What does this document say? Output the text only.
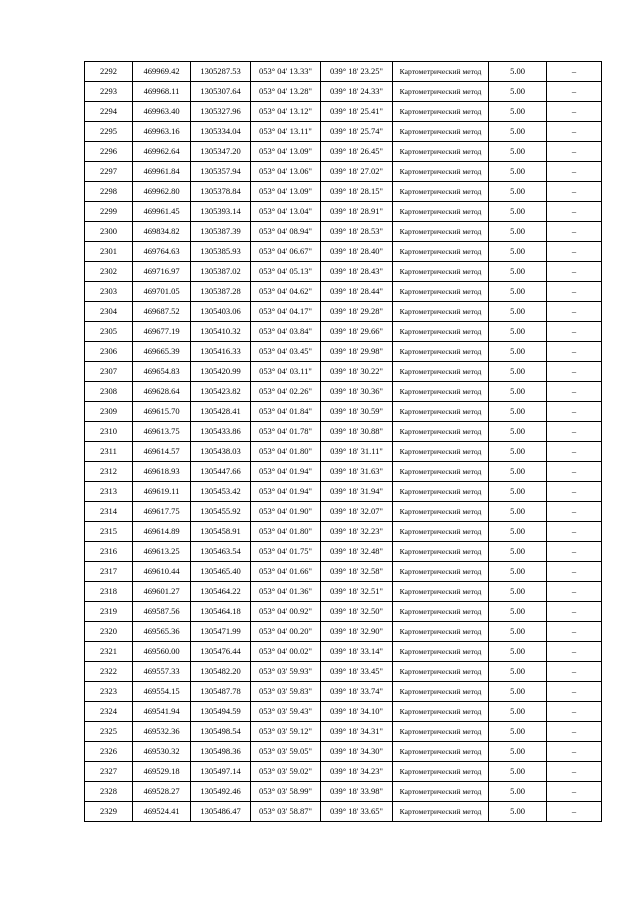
2292	469969.42	1305287.53	053° 04' 13.33"	039° 18' 23.25"	Картометрический метод	5.00	–
2293	469968.11	1305307.64	053° 04' 13.28"	039° 18' 24.33"	Картометрический метод	5.00	–
2294	469963.40	1305327.96	053° 04' 13.12"	039° 18' 25.41"	Картометрический метод	5.00	–
2295	469963.16	1305334.04	053° 04' 13.11"	039° 18' 25.74"	Картометрический метод	5.00	–
2296	469962.64	1305347.20	053° 04' 13.09"	039° 18' 26.45"	Картометрический метод	5.00	–
2297	469961.84	1305357.94	053° 04' 13.06"	039° 18' 27.02"	Картометрический метод	5.00	–
2298	469962.80	1305378.84	053° 04' 13.09"	039° 18' 28.15"	Картометрический метод	5.00	–
2299	469961.45	1305393.14	053° 04' 13.04"	039° 18' 28.91"	Картометрический метод	5.00	–
2300	469834.82	1305387.39	053° 04' 08.94"	039° 18' 28.53"	Картометрический метод	5.00	–
2301	469764.63	1305385.93	053° 04' 06.67"	039° 18' 28.40"	Картометрический метод	5.00	–
2302	469716.97	1305387.02	053° 04' 05.13"	039° 18' 28.43"	Картометрический метод	5.00	–
2303	469701.05	1305387.28	053° 04' 04.62"	039° 18' 28.44"	Картометрический метод	5.00	–
2304	469687.52	1305403.06	053° 04' 04.17"	039° 18' 29.28"	Картометрический метод	5.00	–
2305	469677.19	1305410.32	053° 04' 03.84"	039° 18' 29.66"	Картометрический метод	5.00	–
2306	469665.39	1305416.33	053° 04' 03.45"	039° 18' 29.98"	Картометрический метод	5.00	–
2307	469654.83	1305420.99	053° 04' 03.11"	039° 18' 30.22"	Картометрический метод	5.00	–
2308	469628.64	1305423.82	053° 04' 02.26"	039° 18' 30.36"	Картометрический метод	5.00	–
2309	469615.70	1305428.41	053° 04' 01.84"	039° 18' 30.59"	Картометрический метод	5.00	–
2310	469613.75	1305433.86	053° 04' 01.78"	039° 18' 30.88"	Картометрический метод	5.00	–
2311	469614.57	1305438.03	053° 04' 01.80"	039° 18' 31.11"	Картометрический метод	5.00	–
2312	469618.93	1305447.66	053° 04' 01.94"	039° 18' 31.63"	Картометрический метод	5.00	–
2313	469619.11	1305453.42	053° 04' 01.94"	039° 18' 31.94"	Картометрический метод	5.00	–
2314	469617.75	1305455.92	053° 04' 01.90"	039° 18' 32.07"	Картометрический метод	5.00	–
2315	469614.89	1305458.91	053° 04' 01.80"	039° 18' 32.23"	Картометрический метод	5.00	–
2316	469613.25	1305463.54	053° 04' 01.75"	039° 18' 32.48"	Картометрический метод	5.00	–
2317	469610.44	1305465.40	053° 04' 01.66"	039° 18' 32.58"	Картометрический метод	5.00	–
2318	469601.27	1305464.22	053° 04' 01.36"	039° 18' 32.51"	Картометрический метод	5.00	–
2319	469587.56	1305464.18	053° 04' 00.92"	039° 18' 32.50"	Картометрический метод	5.00	–
2320	469565.36	1305471.99	053° 04' 00.20"	039° 18' 32.90"	Картометрический метод	5.00	–
2321	469560.00	1305476.44	053° 04' 00.02"	039° 18' 33.14"	Картометрический метод	5.00	–
2322	469557.33	1305482.20	053° 03' 59.93"	039° 18' 33.45"	Картометрический метод	5.00	–
2323	469554.15	1305487.78	053° 03' 59.83"	039° 18' 33.74"	Картометрический метод	5.00	–
2324	469541.94	1305494.59	053° 03' 59.43"	039° 18' 34.10"	Картометрический метод	5.00	–
2325	469532.36	1305498.54	053° 03' 59.12"	039° 18' 34.31"	Картометрический метод	5.00	–
2326	469530.32	1305498.36	053° 03' 59.05"	039° 18' 34.30"	Картометрический метод	5.00	–
2327	469529.18	1305497.14	053° 03' 59.02"	039° 18' 34.23"	Картометрический метод	5.00	–
2328	469528.27	1305492.46	053° 03' 58.99"	039° 18' 33.98"	Картометрический метод	5.00	–
2329	469524.41	1305486.47	053° 03' 58.87"	039° 18' 33.65"	Картометрический метод	5.00	–
